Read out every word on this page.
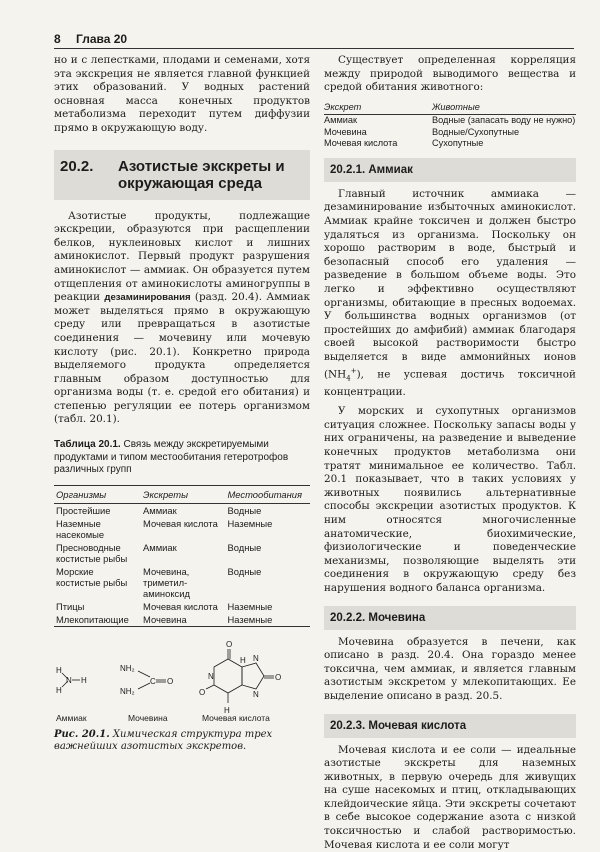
8 Глава 20

но и с лепестками, плодами и семенами, хотя эта экскреция не является главной функцией этих образований. У водных растений основная масса конечных продуктов метаболизма переходит путем диффузии прямо в окружающую воду.

20.2. Азотистые экскреты и окружающая среда

Азотистые продукты, подлежащие экскреции, образуются при расщеплении белков, нуклеиновых кислот и лишних аминокислот. Первый продукт разрушения аминокислот — аммиак. Он образуется путем отщепления от аминокислоты аминогруппы в реакции дезаминирования (разд. 20.4). Аммиак может выделяться прямо в окружающую среду или превращаться в азотистые соединения — мочевину или мочевую кислоту (рис. 20.1). Конкретно природа выделяемого продукта определяется главным образом доступностью для организма воды (т. е. средой его обитания) и степенью регуляции ее потерь организмом (табл. 20.1).

Таблица 20.1. Связь между экскретируемыми продуктами и типом местообитания гетеротрофов различных групп
Организмы	Экскреты	Местообитания
Простейшие	Аммиак	Водные
Наземные насекомые	Мочевая кислота	Наземные
Пресноводные костистые рыбы	Аммиак	Водные
Морские костистые рыбы	Мочевина, триметил-аминоксид	Водные
Птицы	Мочевая кислота	Наземные
Млекопитающие	Мочевина	Наземные
N
H
H
H
Аммиак
NH₂
NH₂
C O
Мочевина
O
N
O
H
N
N
O
H
Мочевая кислота
Рис. 20.1. Химическая структура трех важнейших азотистых экскретов.

Существует определенная корреляция между природой выводимого вещества и средой обитания животного:

Экскрет	Животные
Аммиак	Водные (запасать воду не нужно)
Мочевина	Водные/Сухопутные
Мочевая кислота	Сухопутные
20.2.1. Аммиак

Главный источник аммиака — дезаминирование избыточных аминокислот. Аммиак крайне токсичен и должен быстро удаляться из организма. Поскольку он хорошо растворим в воде, быстрый и безопасный способ его удаления — разведение в большом объеме воды. Это легко и эффективно осуществляют организмы, обитающие в пресных водоемах. У большинства водных организмов (от простейших до амфибий) аммиак благодаря своей высокой растворимости быстро выделяется в виде аммонийных ионов $(NH_4^+)$, не успевая достичь токсичной концентрации.

У морских и сухопутных организмов ситуация сложнее. Поскольку запасы воды у них ограничены, на разведение и выведение конечных продуктов метаболизма они тратят минимальное ее количество. Табл. 20.1 показывает, что в таких условиях у животных появились альтернативные способы экскреции азотистых продуктов. К ним относятся многочисленные анатомические, биохимические, физиологические и поведенческие механизмы, позволяющие выделять эти соединения в окружающую среду без нарушения водного баланса организма.

20.2.2. Мочевина

Мочевина образуется в печени, как описано в разд. 20.4. Она гораздо менее токсична, чем аммиак, и является главным азотистым экскретом у млекопитающих. Ее выделение описано в разд. 20.5.

20.2.3. Мочевая кислота

Мочевая кислота и ее соли — идеальные азотистые экскреты для наземных животных, в первую очередь для живущих на суше насекомых и птиц, откладывающих клейдоические яйца. Эти экскреты сочетают в себе высокое содержание азота с низкой токсичностью и слабой растворимостью. Мочевая кислота и ее соли могут
